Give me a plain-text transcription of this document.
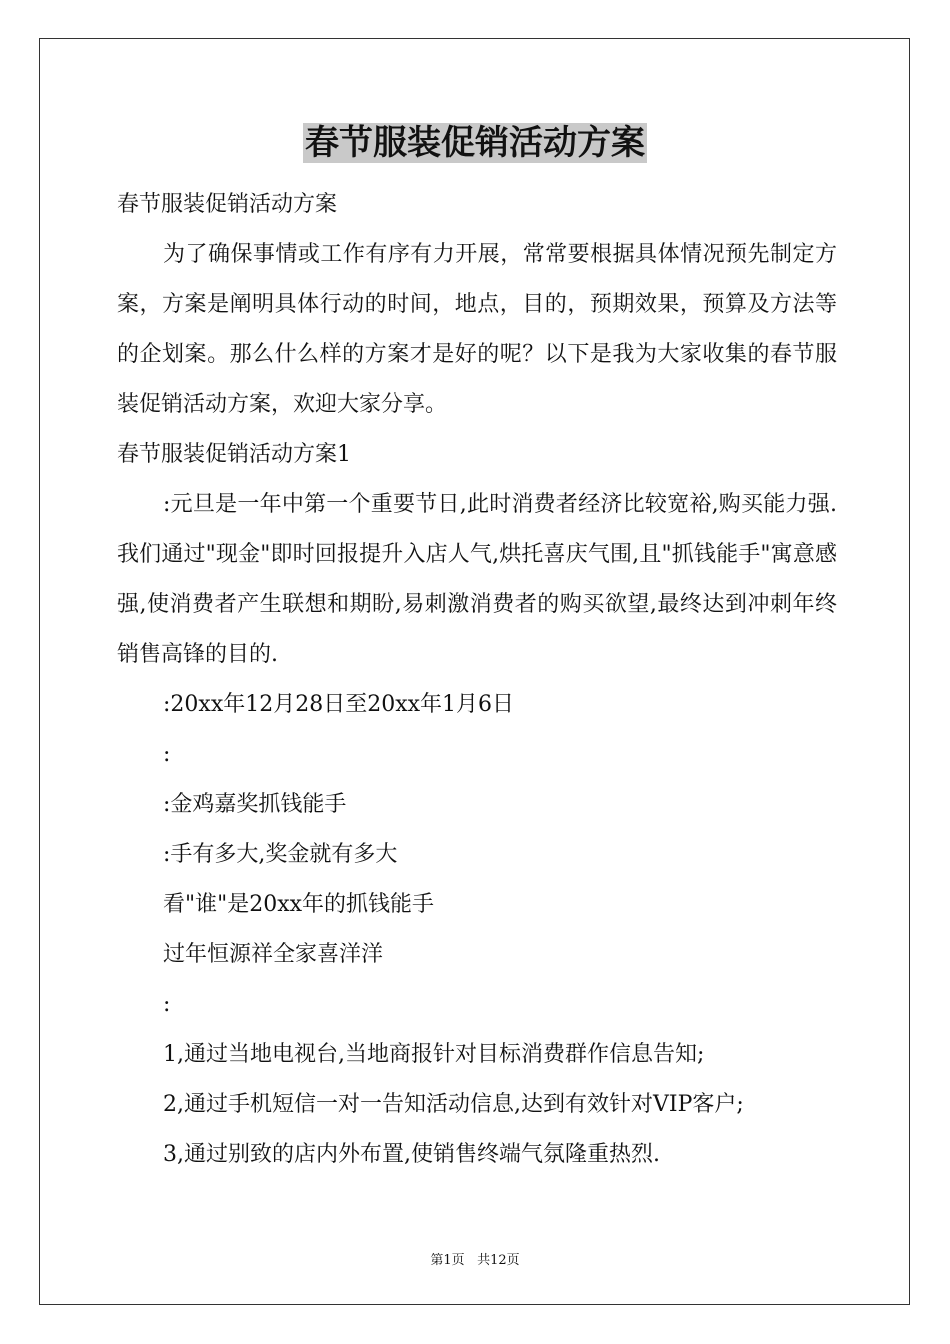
春节服装促销活动方案
春节服装促销活动方案
为了确保事情或工作有序有力开展，常常要根据具体情况预先制定方案，方案是阐明具体行动的时间，地点，目的，预期效果，预算及方法等的企划案。那么什么样的方案才是好的呢？以下是我为大家收集的春节服装促销活动方案，欢迎大家分享。
春节服装促销活动方案1
:元旦是一年中第一个重要节日,此时消费者经济比较宽裕,购买能力强.我们通过"现金"即时回报提升入店人气,烘托喜庆气围,且"抓钱能手"寓意感强,使消费者产生联想和期盼,易刺激消费者的购买欲望,最终达到冲刺年终销售高锋的目的.
:20xx年12月28日至20xx年1月6日
:
:金鸡嘉奖抓钱能手
:手有多大,奖金就有多大
看"谁"是20xx年的抓钱能手
过年恒源祥全家喜洋洋
:
1,通过当地电视台,当地商报针对目标消费群作信息告知;
2,通过手机短信一对一告知活动信息,达到有效针对VIP客户;
3,通过别致的店内外布置,使销售终端气氛隆重热烈.
第1页 共12页
